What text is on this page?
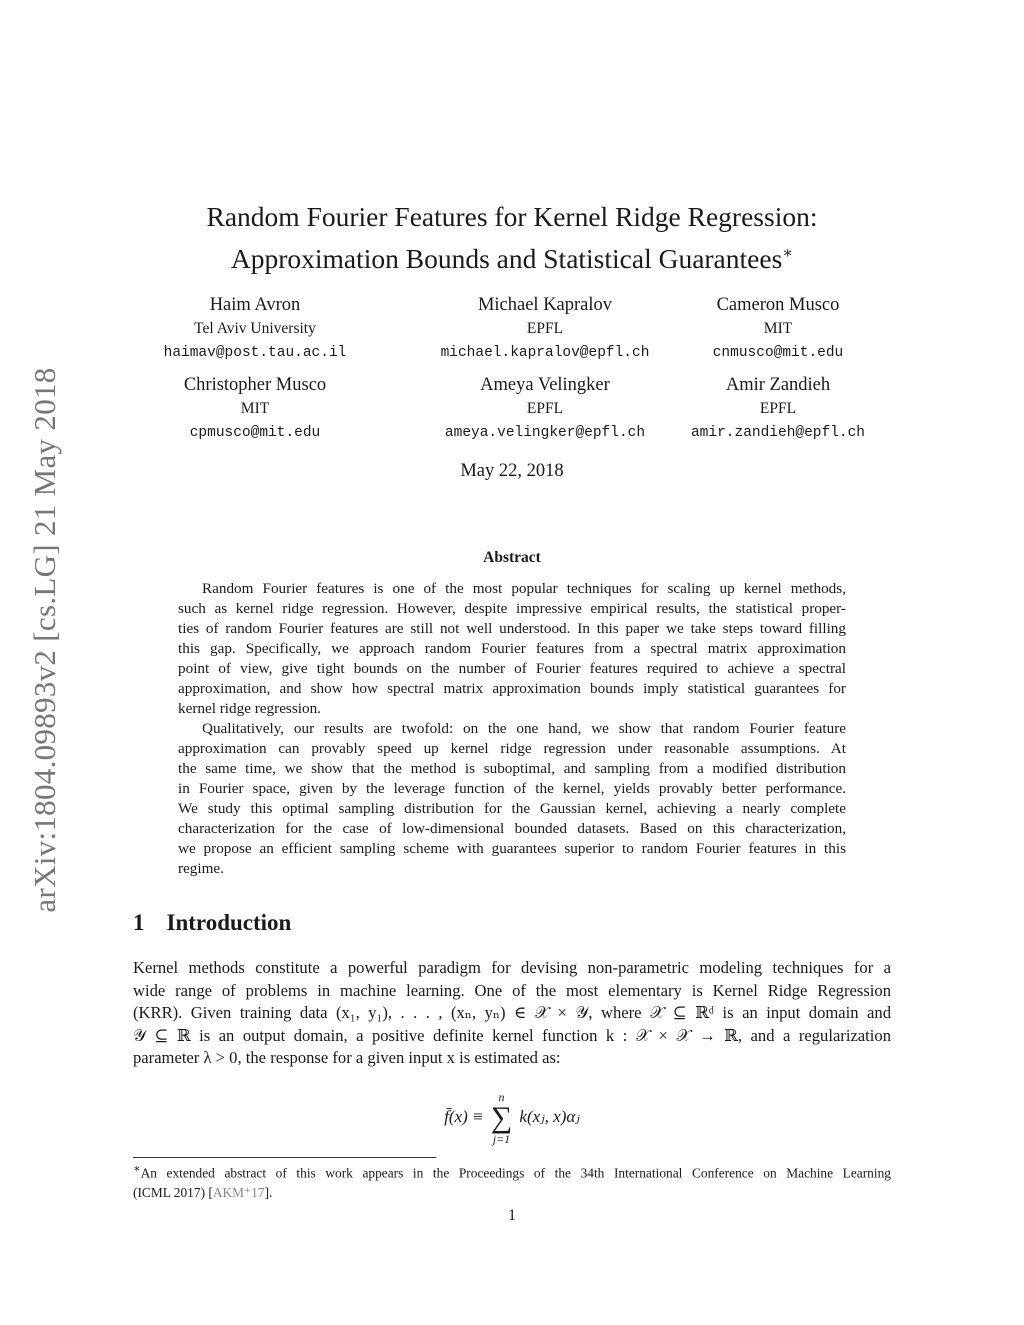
arXiv:1804.09893v2 [cs.LG] 21 May 2018
Random Fourier Features for Kernel Ridge Regression:
Approximation Bounds and Statistical Guarantees∗
Haim Avron
Tel Aviv University
haimav@post.tau.ac.il
Michael Kapralov
EPFL
michael.kapralov@epfl.ch
Cameron Musco
MIT
cnmusco@mit.edu
Christopher Musco
MIT
cpmusco@mit.edu
Ameya Velingker
EPFL
ameya.velingker@epfl.ch
Amir Zandieh
EPFL
amir.zandieh@epfl.ch
May 22, 2018
Abstract
Random Fourier features is one of the most popular techniques for scaling up kernel methods,
such as kernel ridge regression. However, despite impressive empirical results, the statistical proper-
ties of random Fourier features are still not well understood. In this paper we take steps toward filling
this gap. Specifically, we approach random Fourier features from a spectral matrix approximation
point of view, give tight bounds on the number of Fourier features required to achieve a spectral
approximation, and show how spectral matrix approximation bounds imply statistical guarantees for
kernel ridge regression.
Qualitatively, our results are twofold: on the one hand, we show that random Fourier feature
approximation can provably speed up kernel ridge regression under reasonable assumptions. At
the same time, we show that the method is suboptimal, and sampling from a modified distribution
in Fourier space, given by the leverage function of the kernel, yields provably better performance.
We study this optimal sampling distribution for the Gaussian kernel, achieving a nearly complete
characterization for the case of low-dimensional bounded datasets. Based on this characterization,
we propose an efficient sampling scheme with guarantees superior to random Fourier features in this
regime.
1 Introduction
Kernel methods constitute a powerful paradigm for devising non-parametric modeling techniques for a
wide range of problems in machine learning. One of the most elementary is Kernel Ridge Regression
(KRR). Given training data (x₁, y₁), . . . , (xₙ, yₙ) ∈ 𝒳 × 𝒴, where 𝒳 ⊆ ℝᵈ is an input domain and
𝒴 ⊆ ℝ is an output domain, a positive definite kernel function k : 𝒳 × 𝒳 → ℝ, and a regularization
parameter λ > 0, the response for a given input x is estimated as:
f̄(x) ≡
n
∑
j=1
k(xⱼ, x)αⱼ
∗An extended abstract of this work appears in the Proceedings of the 34th International Conference on Machine Learning
(ICML 2017) [AKM⁺17].
1
